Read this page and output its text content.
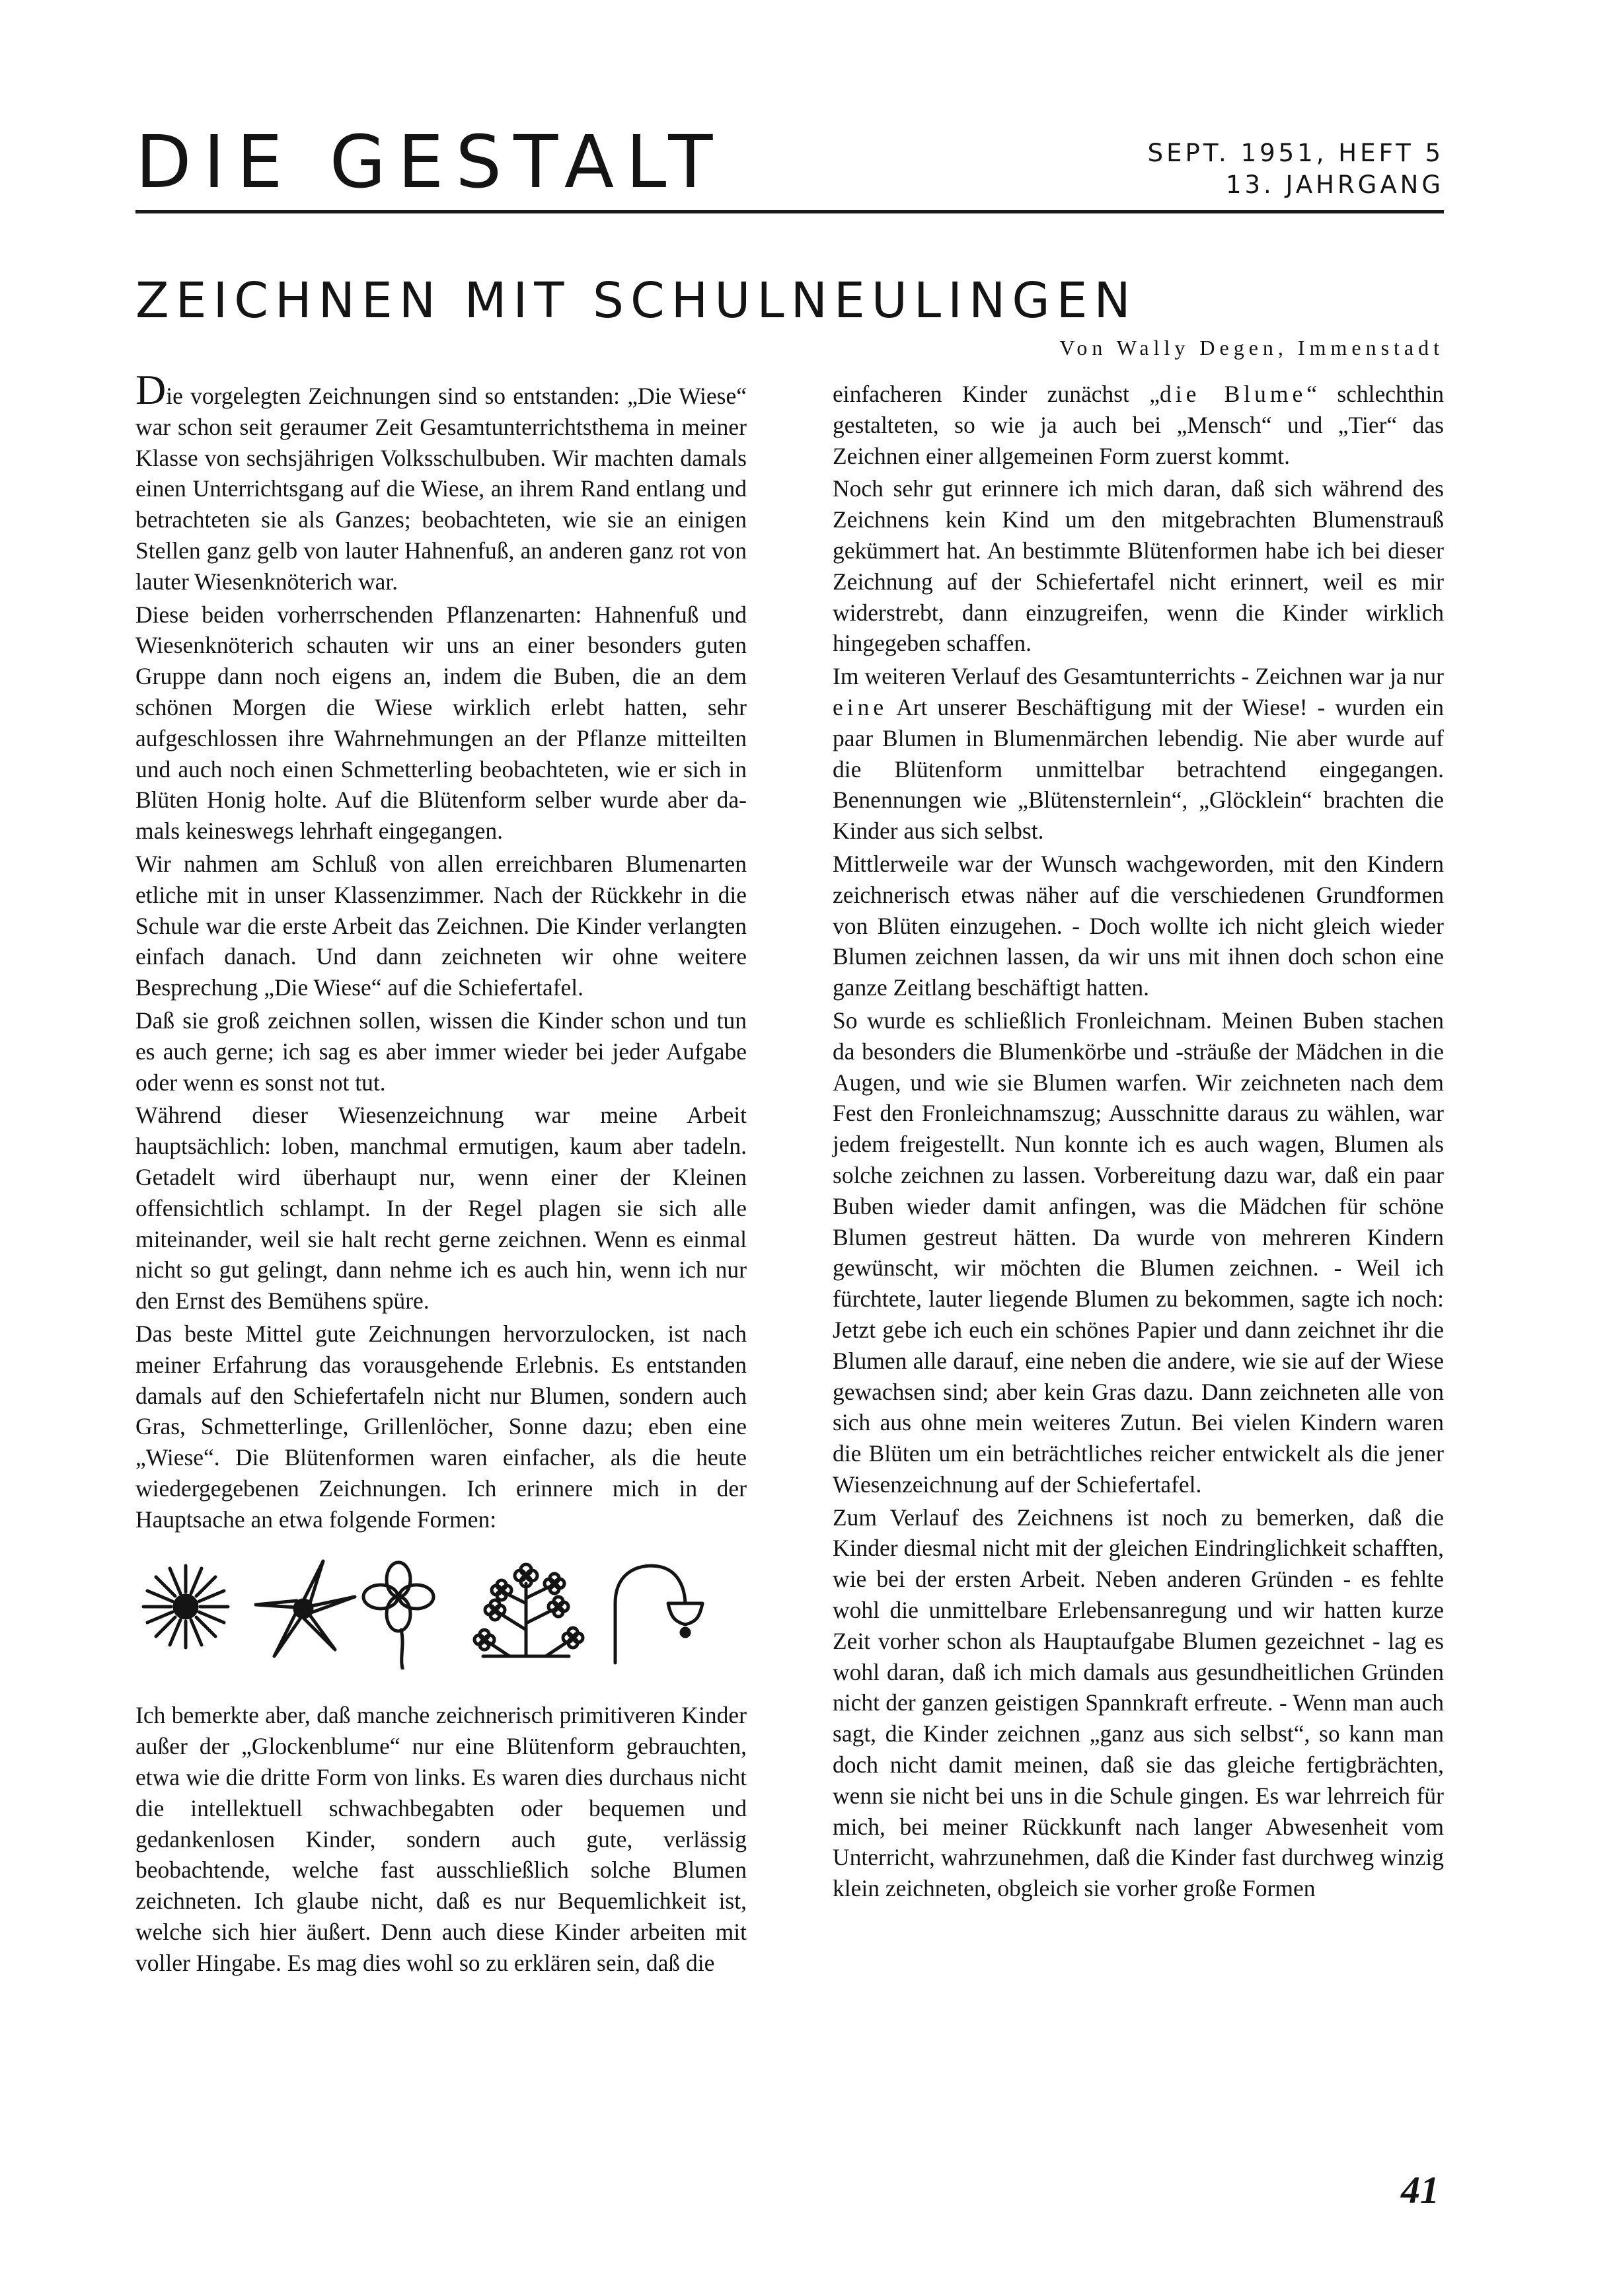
DIE GESTALT	SEPT. 1951, HEFT 5
13. JAHRGANG
ZEICHNEN MIT SCHULNEULINGEN
Von Wally Degen, Immenstadt

Die vorgelegten Zeichnungen sind so entstanden: „Die Wiese“ war schon seit geraumer Zeit Gesamtunterrichtsthema in meiner Klasse von sechsjährigen Volksschulbuben. Wir machten damals einen Unterrichtsgang auf die Wiese, an ihrem Rand entlang und betrachteten sie als Ganzes; beobachteten, wie sie an einigen Stellen ganz gelb von lauter Hahnenfuß, an anderen ganz rot von lauter Wiesenknöterich war.

Diese beiden vorherrschenden Pflanzenarten: Hahnenfuß und Wiesenknöterich schauten wir uns an einer besonders guten Gruppe dann noch eigens an, indem die Buben, die an dem schönen Morgen die Wiese wirklich erlebt hatten, sehr aufgeschlossen ihre Wahrnehmungen an der Pflanze mitteilten und auch noch einen Schmetterling beobachteten, wie er sich in Blüten Honig holte. Auf die Blütenform selber wurde aber damals keineswegs lehrhaft eingegangen.

Wir nahmen am Schluß von allen erreichbaren Blumenarten etliche mit in unser Klassenzimmer. Nach der Rückkehr in die Schule war die erste Arbeit das Zeichnen. Die Kinder verlangten einfach danach. Und dann zeichneten wir ohne weitere Besprechung „Die Wiese“ auf die Schiefertafel.

Daß sie groß zeichnen sollen, wissen die Kinder schon und tun es auch gerne; ich sag es aber immer wieder bei jeder Aufgabe oder wenn es sonst not tut.

Während dieser Wiesenzeichnung war meine Arbeit hauptsächlich: loben, manchmal ermutigen, kaum aber tadeln. Getadelt wird überhaupt nur, wenn einer der Kleinen offensichtlich schlampt. In der Regel plagen sie sich alle miteinander, weil sie halt recht gerne zeichnen. Wenn es einmal nicht so gut gelingt, dann nehme ich es auch hin, wenn ich nur den Ernst des Bemühens spüre.

Das beste Mittel gute Zeichnungen hervorzulocken, ist nach meiner Erfahrung das vorausgehende Erlebnis. Es entstanden damals auf den Schiefertafeln nicht nur Blumen, sondern auch Gras, Schmetterlinge, Grillenlöcher, Sonne dazu; eben eine „Wiese“. Die Blütenformen waren einfacher, als die heute wiedergegebenen Zeichnungen. Ich erinnere mich in der Hauptsache an etwa folgende Formen:

Ich bemerkte aber, daß manche zeichnerisch primitiveren Kinder außer der „Glockenblume“ nur eine Blütenform gebrauchten, etwa wie die dritte Form von links. Es waren dies durchaus nicht die intellektuell schwachbegabten oder bequemen und gedankenlosen Kinder, sondern auch gute, verlässig beobachtende, welche fast ausschließlich solche Blumen zeichneten. Ich glaube nicht, daß es nur Bequemlichkeit ist, welche sich hier äußert. Denn auch diese Kinder arbeiten mit voller Hingabe. Es mag dies wohl so zu erklären sein, daß die

einfacheren Kinder zunächst „die Blume“ schlechthin gestalteten, so wie ja auch bei „Mensch“ und „Tier“ das Zeichnen einer allgemeinen Form zuerst kommt.

Noch sehr gut erinnere ich mich daran, daß sich während des Zeichnens kein Kind um den mitgebrachten Blumenstrauß gekümmert hat. An bestimmte Blütenformen habe ich bei dieser Zeichnung auf der Schiefertafel nicht erinnert, weil es mir widerstrebt, dann einzugreifen, wenn die Kinder wirklich hingegeben schaffen.

Im weiteren Verlauf des Gesamtunterrichts - Zeichnen war ja nur eine Art unserer Beschäftigung mit der Wiese! - wurden ein paar Blumen in Blumenmärchen lebendig. Nie aber wurde auf die Blütenform unmittelbar betrachtend eingegangen. Benennungen wie „Blütensternlein“, „Glöcklein“ brachten die Kinder aus sich selbst.

Mittlerweile war der Wunsch wachgeworden, mit den Kindern zeichnerisch etwas näher auf die verschiedenen Grundformen von Blüten einzugehen. - Doch wollte ich nicht gleich wieder Blumen zeichnen lassen, da wir uns mit ihnen doch schon eine ganze Zeitlang beschäftigt hatten.

So wurde es schließlich Fronleichnam. Meinen Buben stachen da besonders die Blumenkörbe und -sträuße der Mädchen in die Augen, und wie sie Blumen warfen. Wir zeichneten nach dem Fest den Fronleichnamszug; Ausschnitte daraus zu wählen, war jedem freigestellt. Nun konnte ich es auch wagen, Blumen als solche zeichnen zu lassen. Vorbereitung dazu war, daß ein paar Buben wieder damit anfingen, was die Mädchen für schöne Blumen gestreut hätten. Da wurde von mehreren Kindern gewünscht, wir möchten die Blumen zeichnen. - Weil ich fürchtete, lauter liegende Blumen zu bekommen, sagte ich noch: Jetzt gebe ich euch ein schönes Papier und dann zeichnet ihr die Blumen alle darauf, eine neben die andere, wie sie auf der Wiese gewachsen sind; aber kein Gras dazu. Dann zeichneten alle von sich aus ohne mein weiteres Zutun. Bei vielen Kindern waren die Blüten um ein beträchtliches reicher entwickelt als die jener Wiesenzeichnung auf der Schiefertafel.

Zum Verlauf des Zeichnens ist noch zu bemerken, daß die Kinder diesmal nicht mit der gleichen Eindringlichkeit schafften, wie bei der ersten Arbeit. Neben anderen Gründen - es fehlte wohl die unmittelbare Erlebensanregung und wir hatten kurze Zeit vorher schon als Hauptaufgabe Blumen gezeichnet - lag es wohl daran, daß ich mich damals aus gesundheitlichen Gründen nicht der ganzen geistigen Spannkraft erfreute. - Wenn man auch sagt, die Kinder zeichnen „ganz aus sich selbst“, so kann man doch nicht damit meinen, daß sie das gleiche fertigbrächten, wenn sie nicht bei uns in die Schule gingen. Es war lehrreich für mich, bei meiner Rückkunft nach langer Abwesenheit vom Unterricht, wahrzunehmen, daß die Kinder fast durchweg winzig klein zeichneten, obgleich sie vorher große Formen

41
